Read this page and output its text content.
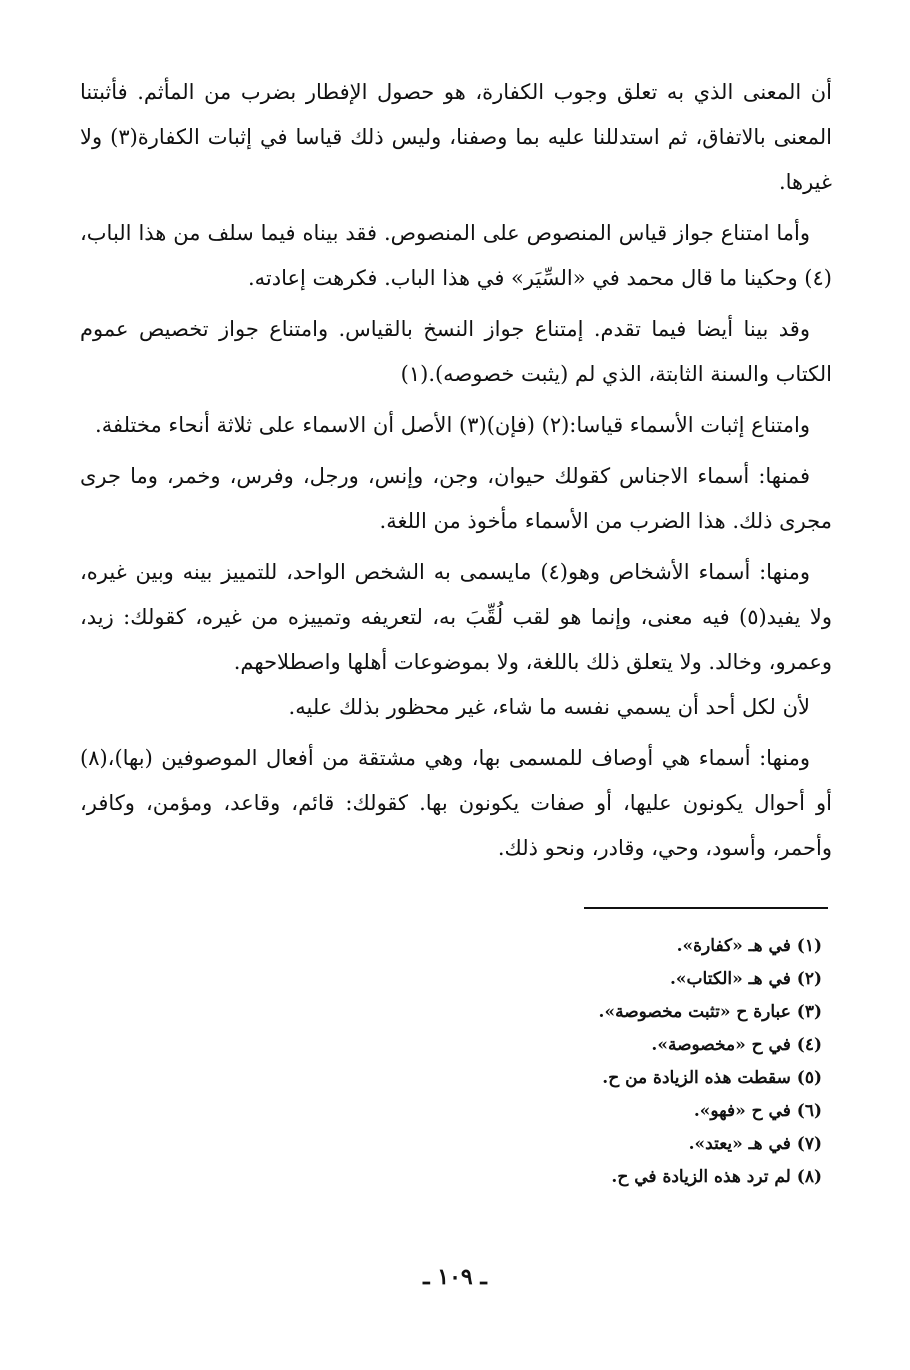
أن المعنى الذي به تعلق وجوب الكفارة، هو حصول الإفطار بضرب من المأثم. فأثبتنا المعنى بالاتفاق، ثم استدللنا عليه بما وصفنا، وليس ذلك قياسا في إثبات الكفارة(٣) ولا غيرها.

وأما امتناع جواز قياس المنصوص على المنصوص. فقد بيناه فيما سلف من هذا الباب،(٤) وحكينا ما قال محمد في «السِّيَر» في هذا الباب. فكرهت إعادته.

وقد بينا أيضا فيما تقدم. إمتناع جواز النسخ بالقياس. وامتناع جواز تخصيص عموم الكتاب والسنة الثابتة، الذي لم (يثبت خصوصه).(١)

وامتناع إثبات الأسماء قياسا:(٢) (فإن)(٣) الأصل أن الاسماء على ثلاثة أنحاء مختلفة.

فمنها: أسماء الاجناس كقولك حيوان، وجن، وإنس، ورجل، وفرس، وخمر، وما جرى مجرى ذلك. هذا الضرب من الأسماء مأخوذ من اللغة.

ومنها: أسماء الأشخاص وهو(٤) مايسمى به الشخص الواحد، للتمييز بينه وبين غيره، ولا يفيد(٥) فيه معنى، وإنما هو لقب لُقِّبَ به، لتعريفه وتمييزه من غيره، كقولك: زيد، وعمرو، وخالد. ولا يتعلق ذلك باللغة، ولا بموضوعات أهلها واصطلاحهم.

لأن لكل أحد أن يسمي نفسه ما شاء، غير محظور بذلك عليه.

ومنها: أسماء هي أوصاف للمسمى بها، وهي مشتقة من أفعال الموصوفين (بها)،(٨) أو أحوال يكونون عليها، أو صفات يكونون بها. كقولك: قائم، وقاعد، ومؤمن، وكافر، وأحمر، وأسود، وحي، وقادر، ونحو ذلك.

(١) في هـ «كفارة».
(٢) في هـ «الكتاب».
(٣) عبارة ح «تثبت مخصوصة».
(٤) في ح «مخصوصة».
(٥) سقطت هذه الزيادة من ح.
(٦) في ح «فهو».
(٧) في هـ «يعتد».
(٨) لم ترد هذه الزيادة في ح.
ـ ١٠٩ ـ
